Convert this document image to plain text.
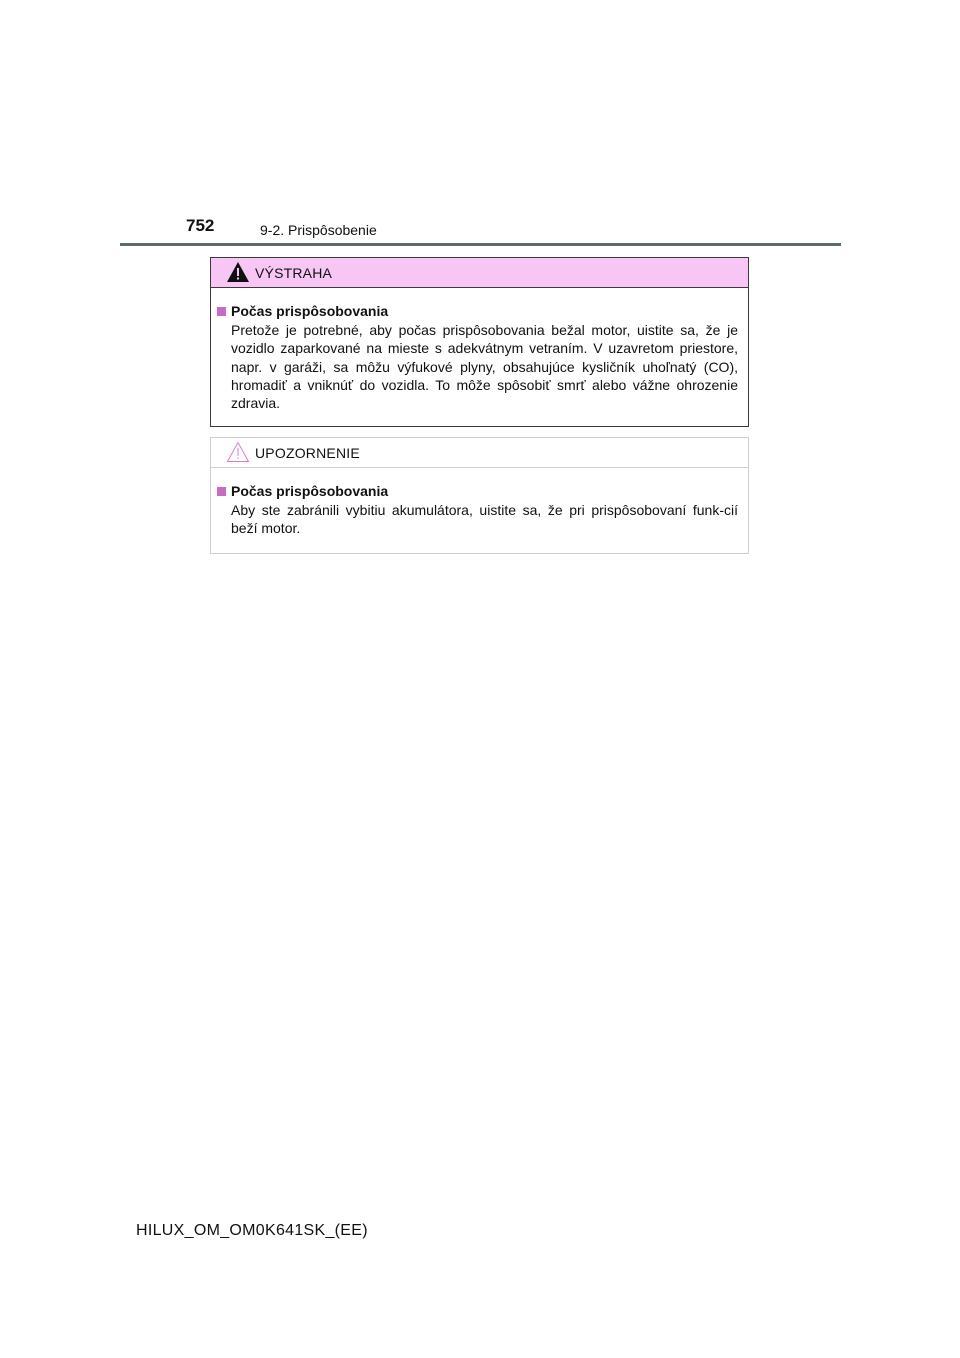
752	9-2. Prispôsobenie
VÝSTRAHA
Počas prispôsobovania

Pretože je potrebné, aby počas prispôsobovania bežal motor, uistite sa, že je vozidlo zaparkované na mieste s adekvátnym vetraním. V uzavretom priestore, napr. v garáži, sa môžu výfukové plyny, obsahujúce kysličník uhoľnatý (CO), hromadiť a vniknúť do vozidla. To môže spôsobiť smrť alebo vážne ohrozenie zdravia.

UPOZORNENIE
Počas prispôsobovania

Aby ste zabránili vybitiu akumulátora, uistite sa, že pri prispôsobovaní funk-cií beží motor.

HILUX_OM_OM0K641SK_(EE)
